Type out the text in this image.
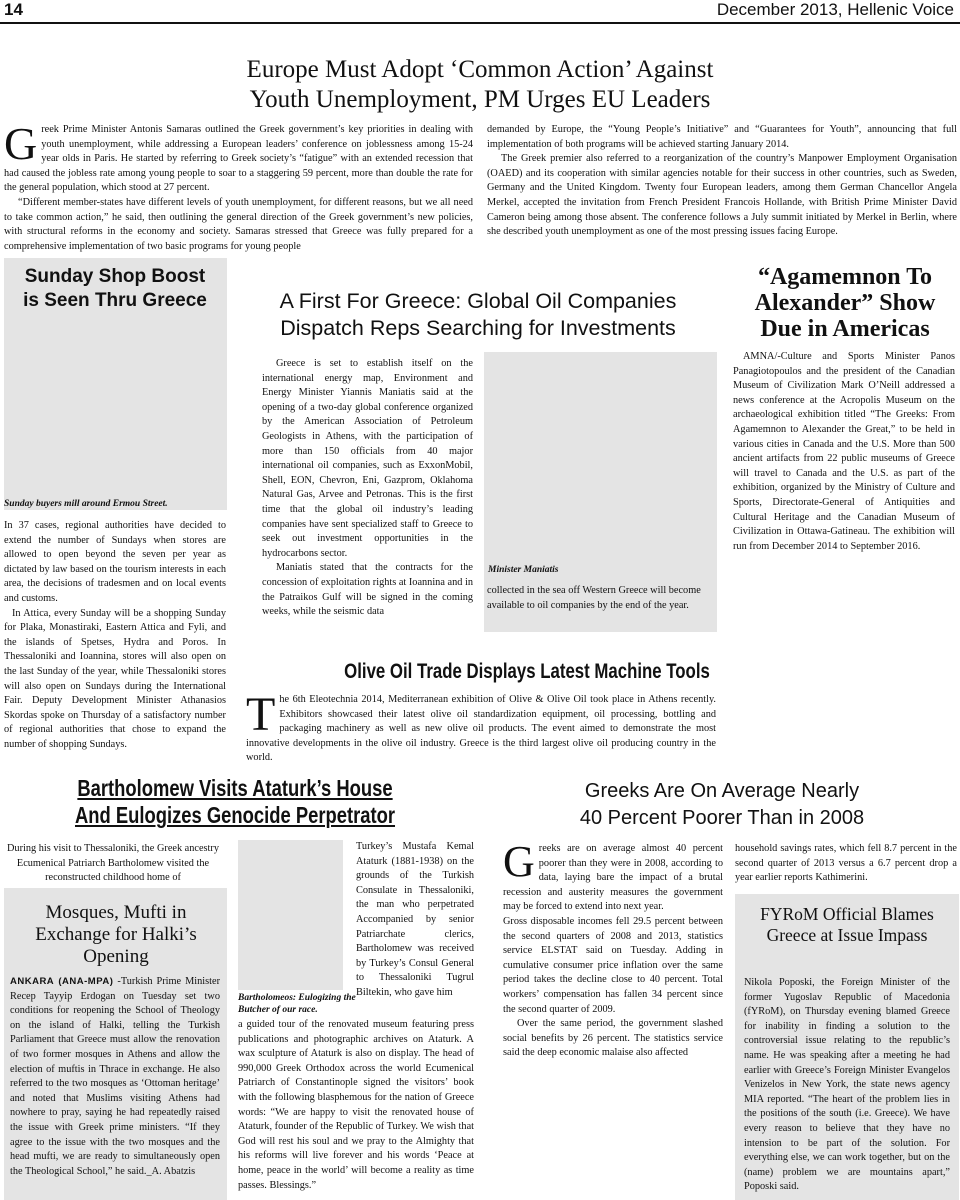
14	December 2013, Hellenic Voice
Europe Must Adopt ‘Common Action’ Against
Youth Unemployment, PM Urges EU Leaders
G reek Prime Minister Antonis Samaras outlined the Greek government’s key priorities in dealing with youth unemployment, while addressing a European leaders’ conference on joblessness among 15-24 year olds in Paris. He started by referring to Greek society’s “fatigue” with an extended recession that had caused the jobless rate among young people to soar to a staggering 59 percent, more than double the rate for the general population, which stood at 27 percent.

“Different member-states have different levels of youth unemployment, for different reasons, but we all need to take common action,” he said, then outlining the general direction of the Greek government’s new policies, with structural reforms in the economy and society. Samaras stressed that Greece was fully prepared for a comprehensive implementation of two basic programs for young people

demanded by Europe, the “Young People’s Initiative” and “Guarantees for Youth”, announcing that full implementation of both programs will be achieved starting January 2014.

The Greek premier also referred to a reorganization of the country’s Manpower Employment Organisation (OAED) and its cooperation with similar agencies notable for their success in other countries, such as Sweden, Germany and the United Kingdom. Twenty four European leaders, among them German Chancellor Angela Merkel, accepted the invitation from French President Francois Hollande, with British Prime Minister David Cameron being among those absent. The conference follows a July summit initiated by Merkel in Berlin, where she described youth unemployment as one of the most pressing issues facing Europe.

Sunday Shop Boost is Seen Thru Greece
Sunday buyers mill around Ermou Street.

In 37 cases, regional authorities have decided to extend the number of Sundays when stores are allowed to open beyond the seven per year as dictated by law based on the tourism interests in each area, the decisions of tradesmen and on local events and customs.

In Attica, every Sunday will be a shopping Sunday for Plaka, Monastiraki, Eastern Attica and Fyli, and the islands of Spetses, Hydra and Poros. In Thessaloniki and Ioannina, stores will also open on the last Sunday of the year, while Thessaloniki stores will also open on Sundays during the International Fair. Deputy Development Minister Athanasios Skordas spoke on Thursday of a satisfactory number of regional authorities that chose to expand the number of shopping Sundays.

A First For Greece: Global Oil Companies
Dispatch Reps Searching for Investments

Greece is set to establish itself on the international energy map, Environment and Energy Minister Yiannis Maniatis said at the opening of a two-day global conference organized by the American Association of Petroleum Geologists in Athens, with the participation of more than 150 officials from 40 major international oil companies, such as ExxonMobil, Shell, EON, Chevron, Eni, Gazprom, Oklahoma Natural Gas, Arvee and Petronas. This is the first time that the global oil industry’s leading companies have sent specialized staff to Greece to seek out investment opportunities in the hydrocarbons sector.

Maniatis stated that the contracts for the concession of exploitation rights at Ioannina and in the Patraikos Gulf will be signed in the coming weeks, while the seismic data

Minister Maniatis

collected in the sea off Western Greece will become available to oil companies by the end of the year.

“Agamemnon To Alexander” Show Due in Americas

AMNA/-Culture and Sports Minister Panos Panagiotopoulos and the president of the Canadian Museum of Civilization Mark O’Neill addressed a news conference at the Acropolis Museum on the archaeological exhibition titled “The Greeks: From Agamemnon to Alexander the Great,” to be held in various cities in Canada and the U.S. More than 500 ancient artifacts from 22 public museums of Greece will travel to Canada and the U.S. as part of the exhibition, organized by the Ministry of Culture and Sports, Directorate-General of Antiquities and Cultural Heritage and the Canadian Museum of Civilization in Ottawa-Gatineau. The exhibition will run from December 2014 to September 2016.

Olive Oil Trade Displays Latest Machine Tools
T he 6th Eleotechnia 2014, Mediterranean exhibition of Olive & Olive Oil took place in Athens recently. Exhibitors showcased their latest olive oil standardization equipment, oil processing, bottling and packaging machinery as well as new olive oil products. The event aimed to demonstrate the most innovative developments in the olive oil industry. Greece is the third largest olive oil producing country in the world.

Bartholomew Visits Ataturk’s House
And Eulogizes Genocide Perpetrator

During his visit to Thessaloniki, the Greek ancestry Ecumenical Patriarch Bartholomew visited the reconstructed childhood home of

Mosques, Mufti in Exchange for Halki’s Opening

ANKARA (ANA-MPA) -Turkish Prime Minister Recep Tayyip Erdogan on Tuesday set two conditions for reopening the School of Theology on the island of Halki, telling the Turkish Parliament that Greece must allow the renovation of two former mosques in Athens and allow the election of muftis in Thrace in exchange. He also referred to the two mosques as ‘Ottoman heritage’ and noted that Muslims visiting Athens had nowhere to pray, saying he had repeatedly raised the issue with Greek prime ministers. “If they agree to the issue with the two mosques and the head mufti, we are ready to simultaneously open the Theological School,” he said._A. Abatzis

Turkey’s Mustafa Kemal Ataturk (1881-1938) on the grounds of the Turkish Consulate in Thessaloniki, the man who perpetrated Accompanied by senior Patriarchate clerics, Bartholomew was received by Turkey’s Consul General to Thessaloniki Tugrul Biltekin, who gave him

Bartholomeos: Eulogizing the Butcher of our race.

a guided tour of the renovated museum featuring press publications and photographic archives on Ataturk. A wax sculpture of Ataturk is also on display. The head of 990,000 Greek Orthodox across the world Ecumenical Patriarch of Constantinople signed the visitors’ book with the following blasphemous for the nation of Greece words: “We are happy to visit the renovated house of Ataturk, founder of the Republic of Turkey. We wish that God will rest his soul and we pray to the Almighty that his reforms will live forever and his words ‘Peace at home, peace in the world’ will become a reality as time passes. Blessings.”

Greeks Are On Average Nearly
40 Percent Poorer Than in 2008
G reeks are on average almost 40 percent poorer than they were in 2008, according to data, laying bare the impact of a brutal recession and austerity measures the government may be forced to extend into next year.

Gross disposable incomes fell 29.5 percent between the second quarters of 2008 and 2013, statistics service ELSTAT said on Tuesday. Adding in cumulative consumer price inflation over the same period takes the decline close to 40 percent. Total workers’ compensation has fallen 34 percent since the second quarter of 2009.

Over the same period, the government slashed social benefits by 26 percent. The statistics service said the deep economic malaise also affected

household savings rates, which fell 8.7 percent in the second quarter of 2013 versus a 6.7 percent drop a year earlier reports Kathimerini.

FYRoM Official Blames Greece at Issue Impass

Nikola Poposki, the Foreign Minister of the former Yugoslav Republic of Macedonia (fYRoM), on Thursday evening blamed Greece for inability in finding a solution to the controversial issue relating to the republic’s name. He was speaking after a meeting he had earlier with Greece’s Foreign Minister Evangelos Venizelos in New York, the state news agency MIA reported. “The heart of the problem lies in the positions of the south (i.e. Greece). We have every reason to believe that they have no intension to be part of the solution. For everything else, we can work together, but on the (name) problem we are mountains apart,” Poposki said.
